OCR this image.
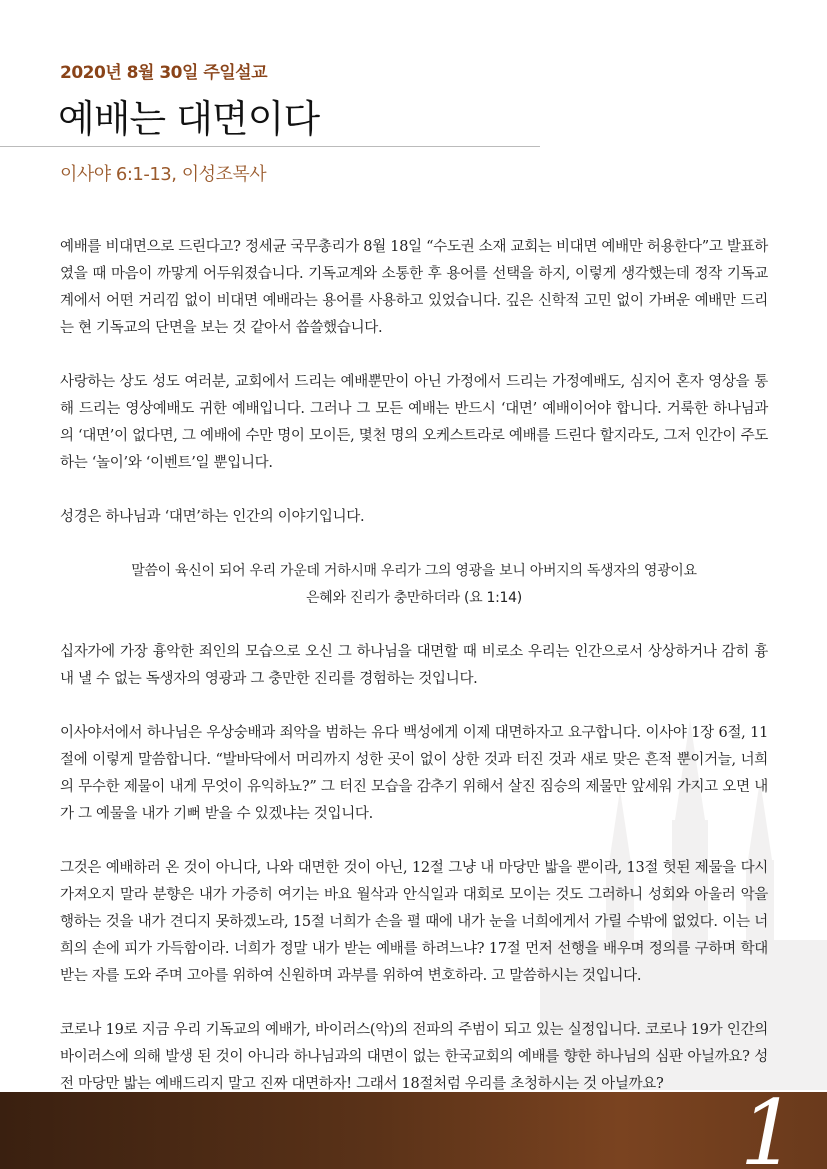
2020년 8월 30일 주일설교
예배는 대면이다
이사야 6:1-13, 이성조목사

예배를 비대면으로 드린다고? 정세균 국무총리가 8월 18일 “수도권 소재 교회는 비대면 예배만 허용한다”고 발표하였을 때 마음이 까맣게 어두워졌습니다. 기독교계와 소통한 후 용어를 선택을 하지, 이렇게 생각했는데 정작 기독교계에서 어떤 거리낌 없이 비대면 예배라는 용어를 사용하고 있었습니다. 깊은 신학적 고민 없이 가벼운 예배만 드리는 현 기독교의 단면을 보는 것 같아서 씁쓸했습니다.

사랑하는 상도 성도 여러분, 교회에서 드리는 예배뿐만이 아닌 가정에서 드리는 가정예배도, 심지어 혼자 영상을 통해 드리는 영상예배도 귀한 예배입니다. 그러나 그 모든 예배는 반드시 ‘대면’ 예배이어야 합니다. 거룩한 하나님과의 ‘대면’이 없다면, 그 예배에 수만 명이 모이든, 몇천 명의 오케스트라로 예배를 드린다 할지라도, 그저 인간이 주도하는 ‘놀이’와 ‘이벤트’일 뿐입니다.

성경은 하나님과 ‘대면’하는 인간의 이야기입니다.

말씀이 육신이 되어 우리 가운데 거하시매 우리가 그의 영광을 보니 아버지의 독생자의 영광이요
은혜와 진리가 충만하더라 (요 1:14)

십자가에 가장 흉악한 죄인의 모습으로 오신 그 하나님을 대면할 때 비로소 우리는 인간으로서 상상하거나 감히 흉내 낼 수 없는 독생자의 영광과 그 충만한 진리를 경험하는 것입니다.

이사야서에서 하나님은 우상숭배과 죄악을 범하는 유다 백성에게 이제 대면하자고 요구합니다. 이사야 1장 6절, 11절에 이렇게 말씀합니다. “발바닥에서 머리까지 성한 곳이 없이 상한 것과 터진 것과 새로 맞은 흔적 뿐이거늘, 너희의 무수한 제물이 내게 무엇이 유익하뇨?” 그 터진 모습을 감추기 위해서 살진 짐승의 제물만 앞세워 가지고 오면 내가 그 예물을 내가 기뻐 받을 수 있겠냐는 것입니다.

그것은 예배하러 온 것이 아니다, 나와 대면한 것이 아닌, 12절 그냥 내 마당만 밟을 뿐이라, 13절 헛된 제물을 다시 가져오지 말라 분향은 내가 가증히 여기는 바요 월삭과 안식일과 대회로 모이는 것도 그러하니 성회와 아울러 악을 행하는 것을 내가 견디지 못하겠노라, 15절 너희가 손을 펼 때에 내가 눈을 너희에게서 가릴 수밖에 없었다. 이는 너희의 손에 피가 가득함이라. 너희가 정말 내가 받는 예배를 하려느냐? 17절 먼저 선행을 배우며 정의를 구하며 학대 받는 자를 도와 주며 고아를 위하여 신원하며 과부를 위하여 변호하라. 고 말씀하시는 것입니다.

코로나 19로 지금 우리 기독교의 예배가, 바이러스(악)의 전파의 주범이 되고 있는 실정입니다. 코로나 19가 인간의 바이러스에 의해 발생 된 것이 아니라 하나님과의 대면이 없는 한국교회의 예배를 향한 하나님의 심판 아닐까요? 성전 마당만 밟는 예배드리지 말고 진짜 대면하자! 그래서 18절처럼 우리를 초청하시는 것 아닐까요? 1
